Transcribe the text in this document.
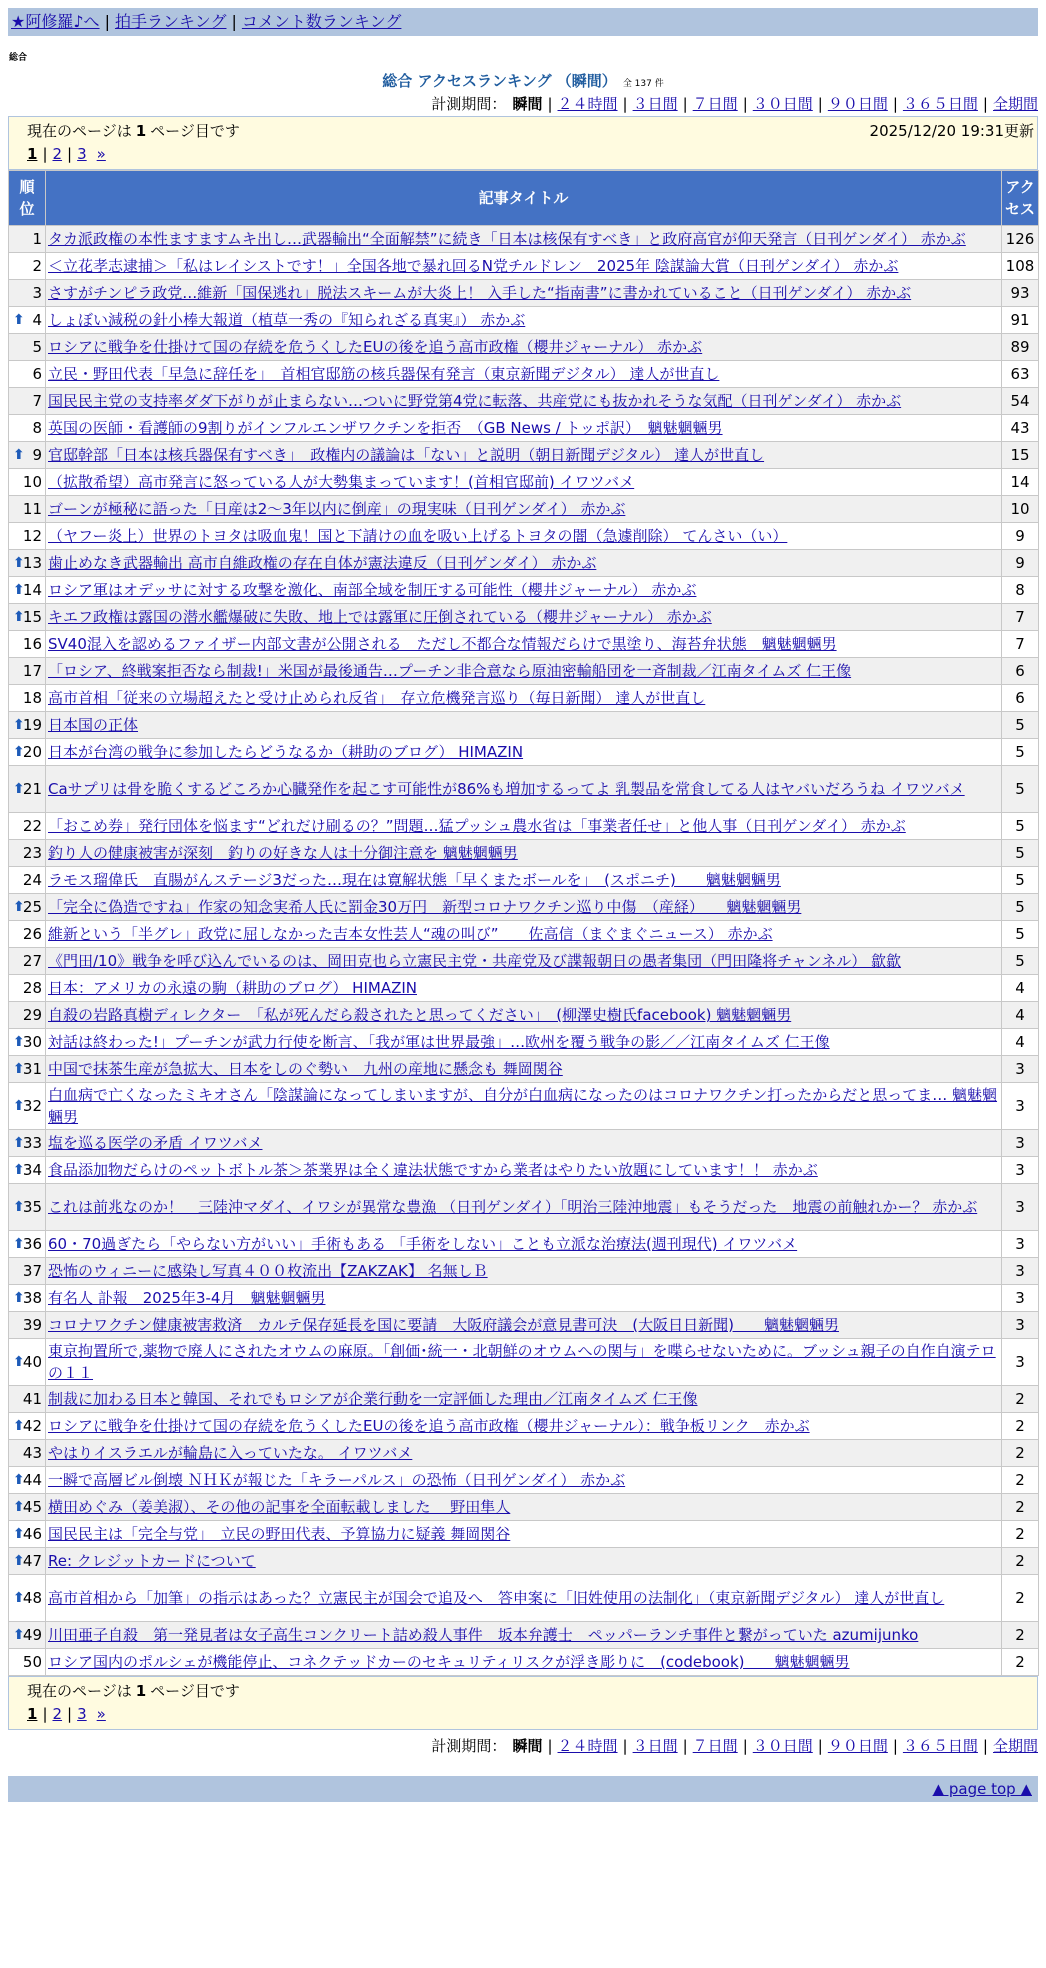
★阿修羅♪へ | 拍手ランキング | コメント数ランキング
総合
総合 アクセスランキング （瞬間） 全 137 件
計測期間： 瞬間 | ２４時間 | ３日間 | ７日間 | ３０日間 | ９０日間 | ３６５日間 | 全期間
現在のページは 1 ページ目です	2025/12/20 19:31更新
1 | 2 | 3 »
順位	記事タイトル	アクセス
1	タカ派政権の本性ますますムキ出し…武器輸出“全面解禁”に続き「日本は核保有すべき」と政府高官が仰天発言（日刊ゲンダイ） 赤かぶ	126
2	＜立花孝志逮捕＞「私はレイシストです！」全国各地で暴れ回るN党チルドレン　2025年 陰謀論大賞（日刊ゲンダイ） 赤かぶ	108
3	さすがチンピラ政党…維新「国保逃れ」脱法スキームが大炎上！ 入手した“指南書”に書かれていること（日刊ゲンダイ） 赤かぶ	93

⬆ 4	しょぼい減税の針小棒大報道（植草一秀の『知られざる真実』） 赤かぶ	91
5	ロシアに戦争を仕掛けて国の存続を危うくしたEUの後を追う高市政権（櫻井ジャーナル） 赤かぶ	89
6	立民・野田代表「早急に辞任を」　首相官邸筋の核兵器保有発言（東京新聞デジタル） 達人が世直し	63
7	国民民主党の支持率ダダ下がりが止まらない…ついに野党第4党に転落、共産党にも抜かれそうな気配（日刊ゲンダイ） 赤かぶ	54
8	英国の医師・看護師の9割りがインフルエンザワクチンを拒否　（GB News / トッポ訳）　魑魅魍魎男	43

⬆ 9	官邸幹部「日本は核兵器保有すべき」　政権内の議論は「ない」と説明（朝日新聞デジタル） 達人が世直し	15
10	（拡散希望）高市発言に怒っている人が大勢集まっています！(首相官邸前) イワツバメ	14
11	ゴーンが極秘に語った「日産は2～3年以内に倒産」の現実味（日刊ゲンダイ） 赤かぶ	10
12	（ヤフー炎上）世界のトヨタは吸血鬼！国と下請けの血を吸い上げるトヨタの闇（急遽削除） てんさい（い）	9

⬆
13	歯止めなき武器輸出 高市自維政権の存在自体が憲法違反（日刊ゲンダイ） 赤かぶ	9

⬆
14	ロシア軍はオデッサに対する攻撃を激化、南部全域を制圧する可能性（櫻井ジャーナル） 赤かぶ	8

⬆
15	キエフ政権は露国の潜水艦爆破に失敗、地上では露軍に圧倒されている（櫻井ジャーナル） 赤かぶ	7
16	SV40混入を認めるファイザー内部文書が公開される　ただし不都合な情報だらけで黒塗り、海苔弁状態　魑魅魍魎男	7
17	「ロシア、終戦案拒否なら制裁!」米国が最後通告…プーチン非合意なら原油密輸船団を一斉制裁／江南タイムズ 仁王像	6
18	高市首相「従来の立場超えたと受け止められ反省」　存立危機発言巡り（毎日新聞） 達人が世直し	6

⬆
19	日本国の正体	5

⬆
20	日本が台湾の戦争に参加したらどうなるか（耕助のブログ） HIMAZIN	5

⬆
21	Caサプリは骨を脆くするどころか心臓発作を起こす可能性が86%も増加するってよ 乳製品を常食してる人はヤバいだろうね イワツバメ	5
22	「おこめ券」発行団体を悩ます“どれだけ刷るの？”問題…猛プッシュ農水省は「事業者任せ」と他人事（日刊ゲンダイ） 赤かぶ	5
23	釣り人の健康被害が深刻　釣りの好きな人は十分御注意を 魑魅魍魎男	5
24	ラモス瑠偉氏　直腸がんステージ3だった…現在は寛解状態「早くまたボールを」　(スポニチ)　　魑魅魍魎男	5

⬆
25	「完全に偽造ですね」作家の知念実希人氏に罰金30万円　新型コロナワクチン巡り中傷　（産経）　　魑魅魍魎男	5
26	維新という「半グレ」政党に屈しなかった吉本女性芸人“魂の叫び”　　佐高信（まぐまぐニュース） 赤かぶ	5
27	《門田/10》戦争を呼び込んでいるのは、岡田克也ら立憲民主党・共産党及び諜報朝日の愚者集団（門田隆将チャンネル） 歙歙	5
28	日本：アメリカの永遠の駒（耕助のブログ） HIMAZIN	4
29	自殺の岩路真樹ディレクター　「私が死んだら殺されたと思ってください」　(柳澤史樹氏facebook) 魑魅魍魎男	4

⬆
30	対話は終わった!」プーチンが武力行使を断言、「我が軍は世界最強」…欧州を覆う戦争の影／／江南タイムズ 仁王像	4

⬆
31	中国で抹茶生産が急拡大、日本をしのぐ勢い　九州の産地に懸念も 舞岡関谷	3

⬆
32	白血病で亡くなったミキオさん「陰謀論になってしまいますが、自分が白血病になったのはコロナワクチン打ったからだと思ってま… 魑魅魍魎男	3

⬆
33	塩を巡る医学の矛盾 イワツバメ	3

⬆
34	食品添加物だらけのペットボトル茶＞茶業界は全く違法状態ですから業者はやりたい放題にしています！！ 赤かぶ	3

⬆
35	これは前兆なのか！　三陸沖マダイ、イワシが異常な豊漁 （日刊ゲンダイ）「明治三陸沖地震」もそうだった　地震の前触れかー？ 赤かぶ	3

⬆
36	60・70過ぎたら「やらない方がいい」手術もある 「手術をしない」ことも立派な治療法(週刊現代) イワツバメ	3
37	恐怖のウィニーに感染し写真４００枚流出【ZAKZAK】 名無しＢ	3

⬆
38	有名人 訃報　2025年3-4月　魑魅魍魎男	3
39	コロナワクチン健康被害救済　カルテ保存延長を国に要請　大阪府議会が意見書可決　(大阪日日新聞)　　魑魅魍魎男	3

⬆
40	東京拘置所で,薬物で廃人にされたオウムの麻原。「創価･統一・北朝鮮のオウムへの関与」を喋らせないために。ブッシュ親子の自作自演テロの１１	3
41	制裁に加わる日本と韓国、それでもロシアが企業行動を一定評価した理由／江南タイムズ 仁王像	2

⬆
42	ロシアに戦争を仕掛けて国の存続を危うくしたEUの後を追う高市政権（櫻井ジャーナル）：戦争板リンク　赤かぶ	2
43	やはりイスラエルが輪島に入っていたな。 イワツバメ	2

⬆
44	一瞬で高層ビル倒壊 ＮＨＫが報じた「キラーパルス」の恐怖（日刊ゲンダイ） 赤かぶ	2

⬆
45	横田めぐみ（姜美淑）、その他の記事を全面転載しました　 野田隼人	2

⬆
46	国民民主は「完全与党」　立民の野田代表、予算協力に疑義 舞岡関谷	2

⬆
47	Re: クレジットカードについて	2

⬆
48	高市首相から「加筆」の指示はあった？立憲民主が国会で追及へ　答申案に「旧姓使用の法制化」（東京新聞デジタル） 達人が世直し	2

⬆
49	川田亜子自殺　第一発見者は女子高生コンクリート詰め殺人事件　坂本弁護士　ペッパーランチ事件と繋がっていた azumijunko	2
50	ロシア国内のポルシェが機能停止、コネクテッドカーのセキュリティリスクが浮き彫りに　(codebook)　　魑魅魍魎男	2
現在のページは 1 ページ目です
1 | 2 | 3 »
計測期間： 瞬間 | ２４時間 | ３日間 | ７日間 | ３０日間 | ９０日間 | ３６５日間 | 全期間
▲ page top ▲
